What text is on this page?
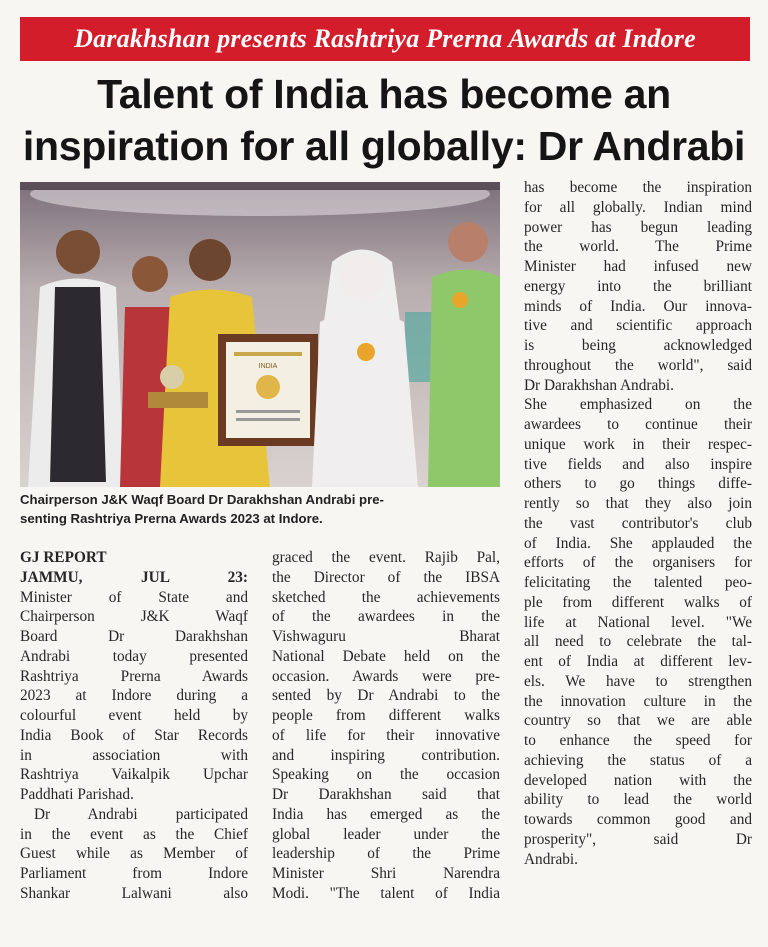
Darakhshan presents Rashtriya Prerna Awards at Indore
Talent of India has become an
inspiration for all globally: Dr Andrabi
INDIA
Chairperson J&K Waqf Board Dr Darakhshan Andrabi pre-
senting Rashtriya Prerna Awards 2023 at Indore.
GJ REPORT
JAMMU, JUL 23:
Minister of State and
Chairperson J&K Waqf
Board Dr Darakhshan
Andrabi today presented
Rashtriya Prerna Awards
2023 at Indore during a
colourful event held by
India Book of Star Records
in association with
Rashtriya Vaikalpik Upchar
Paddhati Parishad.
Dr Andrabi participated
in the event as the Chief
Guest while as Member of
Parliament from Indore
Shankar Lalwani also
graced the event. Rajib Pal,
the Director of the IBSA
sketched the achievements
of the awardees in the
Vishwaguru Bharat
National Debate held on the
occasion. Awards were pre-
sented by Dr Andrabi to the
people from different walks
of life for their innovative
and inspiring contribution.
Speaking on the occasion
Dr Darakhshan said that
India has emerged as the
global leader under the
leadership of the Prime
Minister Shri Narendra
Modi. "The talent of India
has become the inspiration
for all globally. Indian mind
power has begun leading
the world. The Prime
Minister had infused new
energy into the brilliant
minds of India. Our innova-
tive and scientific approach
is being acknowledged
throughout the world", said
Dr Darakhshan Andrabi.
She emphasized on the
awardees to continue their
unique work in their respec-
tive fields and also inspire
others to go things diffe-
rently so that they also join
the vast contributor's club
of India. She applauded the
efforts of the organisers for
felicitating the talented peo-
ple from different walks of
life at National level. "We
all need to celebrate the tal-
ent of India at different lev-
els. We have to strengthen
the innovation culture in the
country so that we are able
to enhance the speed for
achieving the status of a
developed nation with the
ability to lead the world
towards common good and
prosperity", said Dr
Andrabi.
